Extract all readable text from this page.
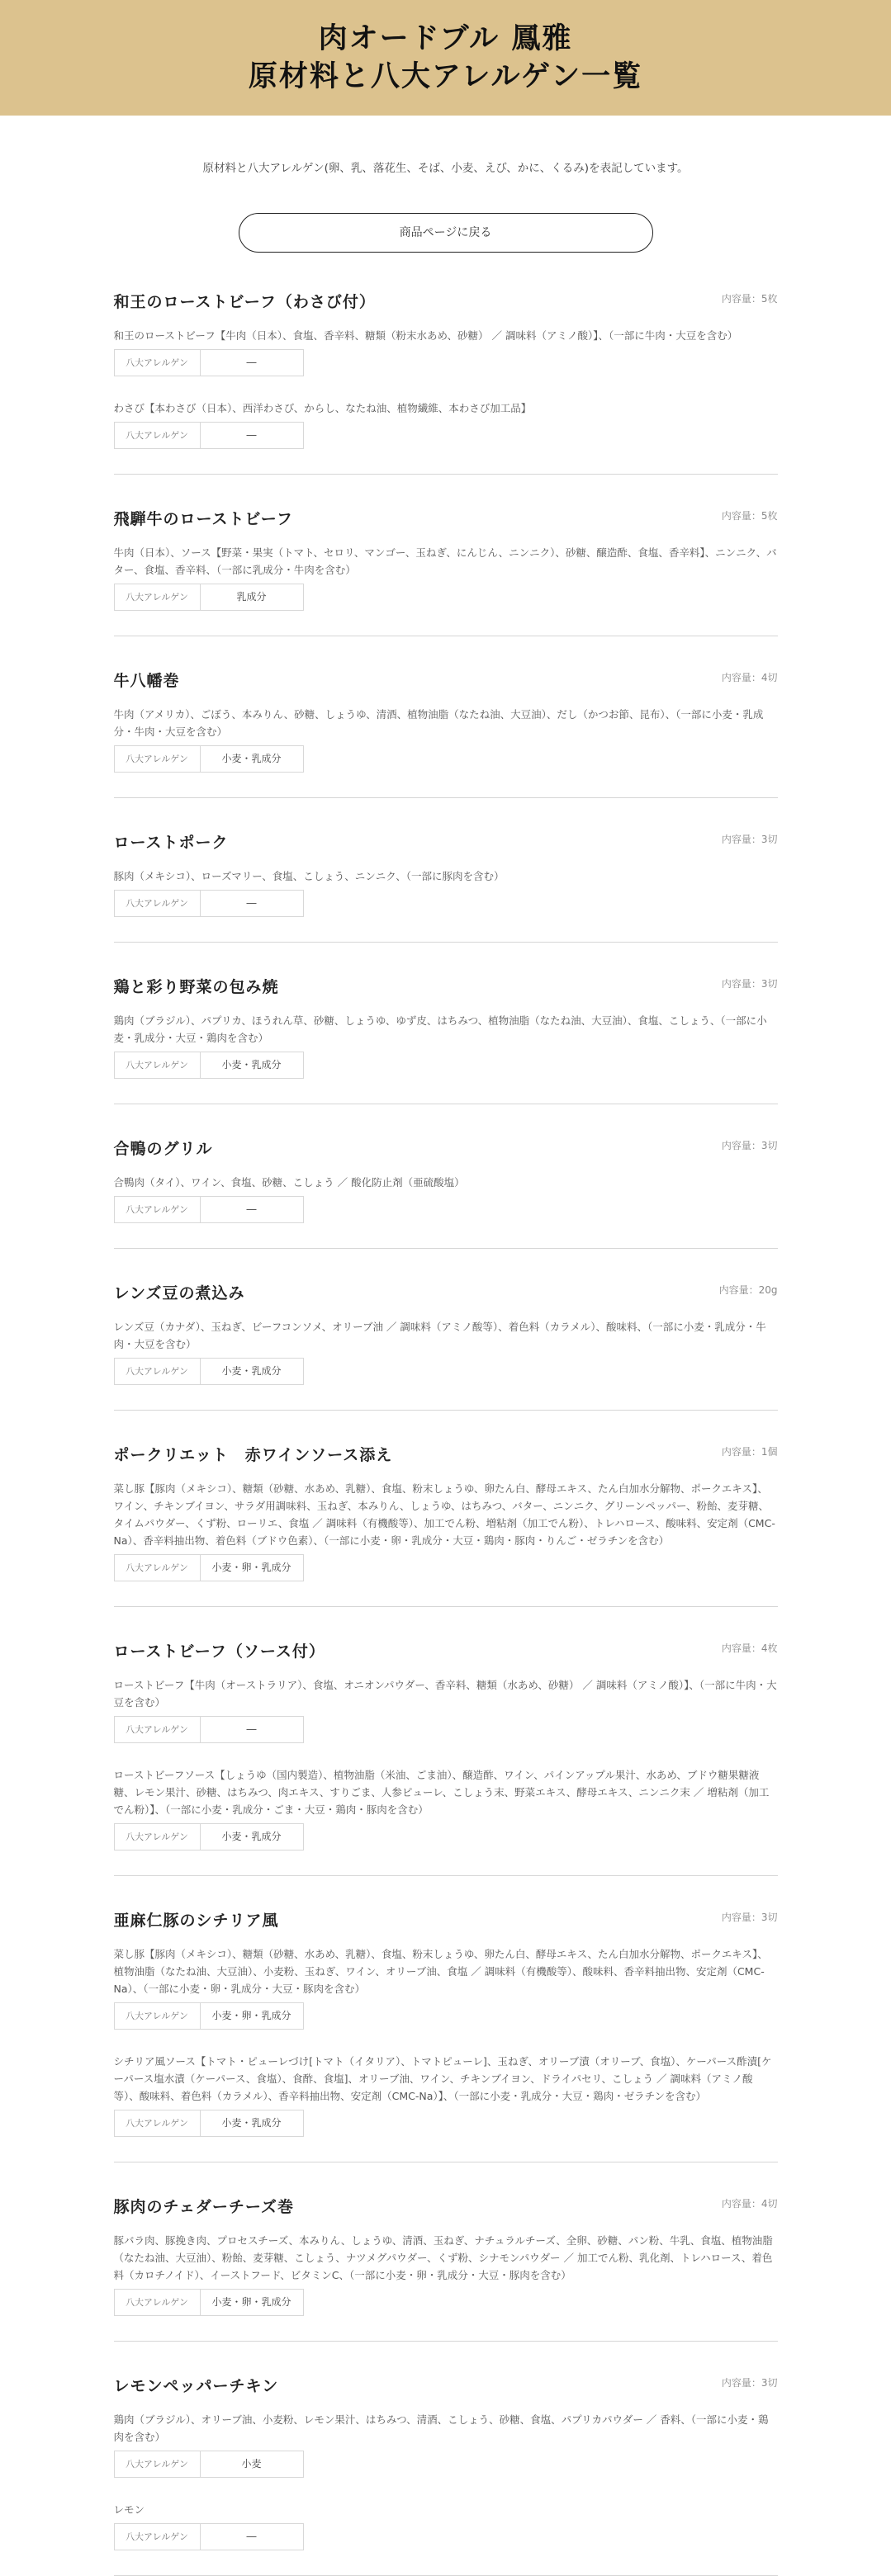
肉オードブル 鳳雅
原材料と八大アレルゲン一覧

原材料と八大アレルゲン(卵、乳、落花生、そば、小麦、えび、かに、くるみ)を表記しています。

商品ページに戻る
和王のローストビーフ（わさび付）	内容量：5枚

和王のローストビーフ【牛肉（日本）、食塩、香辛料、糖類（粉末水あめ、砂糖） ／ 調味料（アミノ酸）】、（一部に牛肉・大豆を含む）

八大アレルゲン	―

わさび【本わさび（日本）、西洋わさび、からし、なたね油、植物繊維、本わさび加工品】

八大アレルゲン	―
飛騨牛のローストビーフ	内容量：5枚

牛肉（日本）、ソース【野菜・果実（トマト、セロリ、マンゴー、玉ねぎ、にんじん、ニンニク）、砂糖、醸造酢、食塩、香辛料】、ニンニク、バター、食塩、香辛料、（一部に乳成分・牛肉を含む）

八大アレルゲン	乳成分
牛八幡巻	内容量：4切

牛肉（アメリカ）、ごぼう、本みりん、砂糖、しょうゆ、清酒、植物油脂（なたね油、大豆油）、だし（かつお節、昆布）、（一部に小麦・乳成分・牛肉・大豆を含む）

八大アレルゲン	小麦・乳成分
ローストポーク	内容量：3切

豚肉（メキシコ）、ローズマリー、食塩、こしょう、ニンニク、（一部に豚肉を含む）

八大アレルゲン	―
鶏と彩り野菜の包み焼	内容量：3切

鶏肉（ブラジル）、パプリカ、ほうれん草、砂糖、しょうゆ、ゆず皮、はちみつ、植物油脂（なたね油、大豆油）、食塩、こしょう、（一部に小麦・乳成分・大豆・鶏肉を含む）

八大アレルゲン	小麦・乳成分
合鴨のグリル	内容量：3切

合鴨肉（タイ）、ワイン、食塩、砂糖、こしょう ／ 酸化防止剤（亜硫酸塩）

八大アレルゲン	―
レンズ豆の煮込み	内容量：20g

レンズ豆（カナダ）、玉ねぎ、ビーフコンソメ、オリーブ油 ／ 調味料（アミノ酸等）、着色料（カラメル）、酸味料、（一部に小麦・乳成分・牛肉・大豆を含む）

八大アレルゲン	小麦・乳成分
ポークリエット　赤ワインソース添え	内容量：1個

菜し豚【豚肉（メキシコ）、糖類（砂糖、水あめ、乳糖）、食塩、粉末しょうゆ、卵たん白、酵母エキス、たん白加水分解物、ポークエキス】、ワイン、チキンブイヨン、サラダ用調味料、玉ねぎ、本みりん、しょうゆ、はちみつ、バター、ニンニク、グリーンペッパー、粉飴、麦芽糖、タイムパウダー、くず粉、ローリエ、食塩 ／ 調味料（有機酸等）、加工でん粉、増粘剤（加工でん粉）、トレハロース、酸味料、安定剤（CMC-Na）、香辛料抽出物、着色料（ブドウ色素）、（一部に小麦・卵・乳成分・大豆・鶏肉・豚肉・りんご・ゼラチンを含む）

八大アレルゲン	小麦・卵・乳成分
ローストビーフ（ソース付）	内容量：4枚

ローストビーフ【牛肉（オーストラリア）、食塩、オニオンパウダー、香辛料、糖類（水あめ、砂糖） ／ 調味料（アミノ酸）】、（一部に牛肉・大豆を含む）

八大アレルゲン	―

ローストビーフソース【しょうゆ（国内製造）、植物油脂（米油、ごま油）、醸造酢、ワイン、パインアップル果汁、水あめ、ブドウ糖果糖液糖、レモン果汁、砂糖、はちみつ、肉エキス、すりごま、人参ピューレ、こしょう末、野菜エキス、酵母エキス、ニンニク末 ／ 増粘剤（加工でん粉）】、（一部に小麦・乳成分・ごま・大豆・鶏肉・豚肉を含む）

八大アレルゲン	小麦・乳成分
亜麻仁豚のシチリア風	内容量：3切

菜し豚【豚肉（メキシコ）、糖類（砂糖、水あめ、乳糖）、食塩、粉末しょうゆ、卵たん白、酵母エキス、たん白加水分解物、ポークエキス】、植物油脂（なたね油、大豆油）、小麦粉、玉ねぎ、ワイン、オリーブ油、食塩 ／ 調味料（有機酸等）、酸味料、香辛料抽出物、安定剤（CMC-Na）、（一部に小麦・卵・乳成分・大豆・豚肉を含む）

八大アレルゲン	小麦・卵・乳成分

シチリア風ソース【トマト・ピューレづけ[トマト（イタリア）、トマトピューレ]、玉ねぎ、オリーブ漬（オリーブ、食塩）、ケーパース酢漬[ケーパース塩水漬（ケーパース、食塩）、食酢、食塩]、オリーブ油、ワイン、チキンブイヨン、ドライパセリ、こしょう ／ 調味料（アミノ酸等）、酸味料、着色料（カラメル）、香辛料抽出物、安定剤（CMC-Na）】、（一部に小麦・乳成分・大豆・鶏肉・ゼラチンを含む）

八大アレルゲン	小麦・乳成分
豚肉のチェダーチーズ巻	内容量：4切

豚バラ肉、豚挽き肉、プロセスチーズ、本みりん、しょうゆ、清酒、玉ねぎ、ナチュラルチーズ、全卵、砂糖、パン粉、牛乳、食塩、植物油脂（なたね油、大豆油）、粉飴、麦芽糖、こしょう、ナツメグパウダー、くず粉、シナモンパウダー ／ 加工でん粉、乳化剤、トレハロース、着色料（カロチノイド）、イーストフード、ビタミンC、（一部に小麦・卵・乳成分・大豆・豚肉を含む）

八大アレルゲン	小麦・卵・乳成分
レモンペッパーチキン	内容量：3切

鶏肉（ブラジル）、オリーブ油、小麦粉、レモン果汁、はちみつ、清酒、こしょう、砂糖、食塩、パプリカパウダー ／ 香料、（一部に小麦・鶏肉を含む）

八大アレルゲン	小麦

レモン

八大アレルゲン	―
